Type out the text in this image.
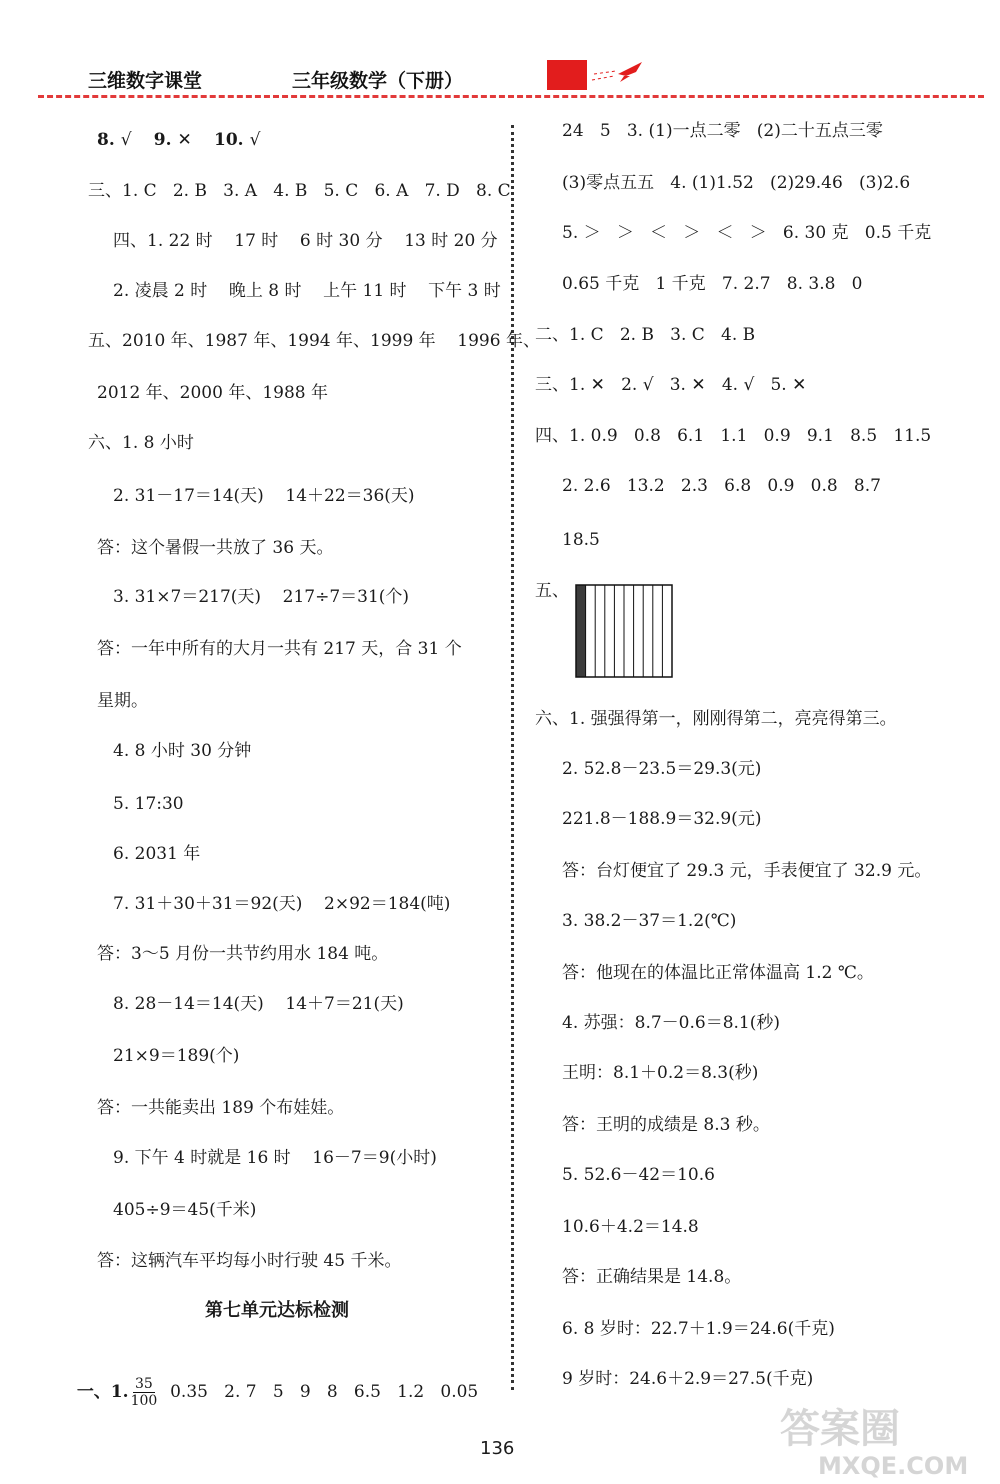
三维数字课堂	三年级数学（下册）
8. √   9. ✕   10. √
三、1. C   2. B   3. A   4. B   5. C   6. A   7. D   8. C
四、1. 22 时    17 时    6 时 30 分    13 时 20 分
2. 凌晨 2 时    晚上 8 时    上午 11 时    下午 3 时
五、2010 年、1987 年、1994 年、1999 年    1996 年、
2012 年、2000 年、1988 年
六、1. 8 小时
2. 31－17＝14(天)    14＋22＝36(天)
答：这个暑假一共放了 36 天。
3. 31×7＝217(天)    217÷7＝31(个)
答：一年中所有的大月一共有 217 天，合 31 个
星期。
4. 8 小时 30 分钟
5. 17:30
6. 2031 年
7. 31＋30＋31＝92(天)    2×92＝184(吨)
答：3～5 月份一共节约用水 184 吨。
8. 28－14＝14(天)    14＋7＝21(天)
21×9＝189(个)
答：一共能卖出 189 个布娃娃。
9. 下午 4 时就是 16 时    16－7＝9(小时)
405÷9＝45(千米)
答：这辆汽车平均每小时行驶 45 千米。
第七单元达标检测

一、1. $\frac{35}{100} 0.35$   2. 7   5   9   8   6.5   1.2   0.05

24   5   3. (1)一点二零   (2)二十五点三零
(3)零点五五   4. (1)1.52   (2)29.46   (3)2.6
5. ＞   ＞   ＜   ＞   ＜   ＞   6. 30 克   0.5 千克
0.65 千克   1 千克   7. 2.7   8. 3.8   0
二、1. C   2. B   3. C   4. B
三、1. ✕   2. √   3. ✕   4. √   5. ✕
四、1. 0.9   0.8   6.1   1.1   0.9   9.1   8.5   11.5
2. 2.6   13.2   2.3   6.8   0.9   0.8   8.7
18.5
五、
六、1. 强强得第一，刚刚得第二，亮亮得第三。
2. 52.8－23.5＝29.3(元)
221.8－188.9＝32.9(元)
答：台灯便宜了 29.3 元，手表便宜了 32.9 元。
3. 38.2－37＝1.2(℃)
答：他现在的体温比正常体温高 1.2 ℃。
4. 苏强：8.7－0.6＝8.1(秒)
王明：8.1＋0.2＝8.3(秒)
答：王明的成绩是 8.3 秒。
5. 52.6－42＝10.6
10.6＋4.2＝14.8
答：正确结果是 14.8。
6. 8 岁时：22.7＋1.9＝24.6(千克)
9 岁时：24.6＋2.9＝27.5(千克)
136	答案圈
MXQE.COM
